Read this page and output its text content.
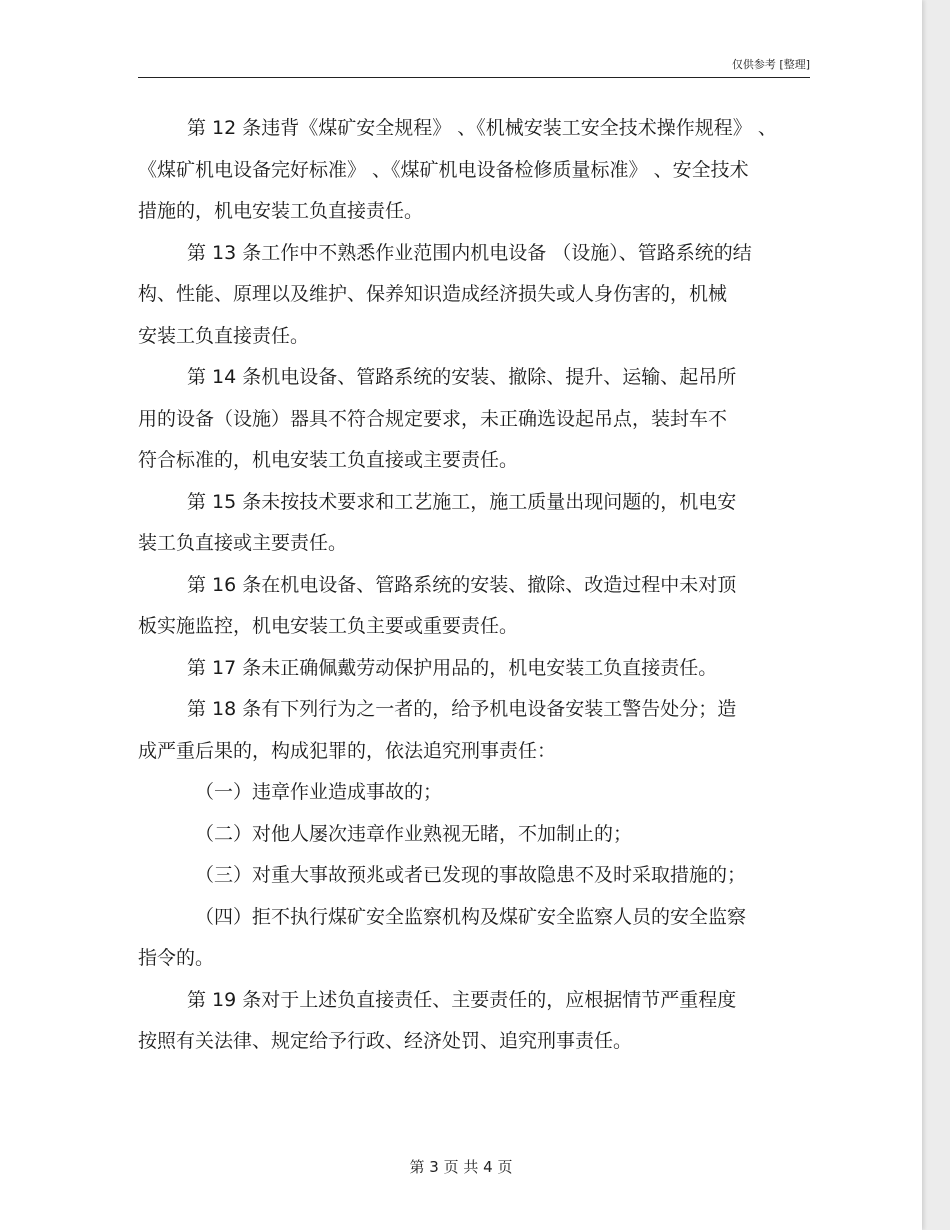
仅供参考 [整理]
第 12 条违背《煤矿安全规程》 、《机械安装工安全技术操作规程》 、
《煤矿机电设备完好标准》 、《煤矿机电设备检修质量标准》 、安全技术
措施的，机电安装工负直接责任。
第 13 条工作中不熟悉作业范围内机电设备 （设施）、管路系统的结
构、性能、原理以及维护、保养知识造成经济损失或人身伤害的，机械
安装工负直接责任。
第 14 条机电设备、管路系统的安装、撤除、提升、运输、起吊所
用的设备（设施）器具不符合规定要求，未正确选设起吊点，装封车不
符合标准的，机电安装工负直接或主要责任。
第 15 条未按技术要求和工艺施工，施工质量出现问题的，机电安
装工负直接或主要责任。
第 16 条在机电设备、管路系统的安装、撤除、改造过程中未对顶
板实施监控，机电安装工负主要或重要责任。
第 17 条未正确佩戴劳动保护用品的，机电安装工负直接责任。
第 18 条有下列行为之一者的，给予机电设备安装工警告处分；造
成严重后果的，构成犯罪的，依法追究刑事责任：
（一）违章作业造成事故的；
（二）对他人屡次违章作业熟视无睹，不加制止的；
（三）对重大事故预兆或者已发现的事故隐患不及时采取措施的；
（四）拒不执行煤矿安全监察机构及煤矿安全监察人员的安全监察
指令的。
第 19 条对于上述负直接责任、主要责任的，应根据情节严重程度
按照有关法律、规定给予行政、经济处罚、追究刑事责任。
第 3 页 共 4 页
